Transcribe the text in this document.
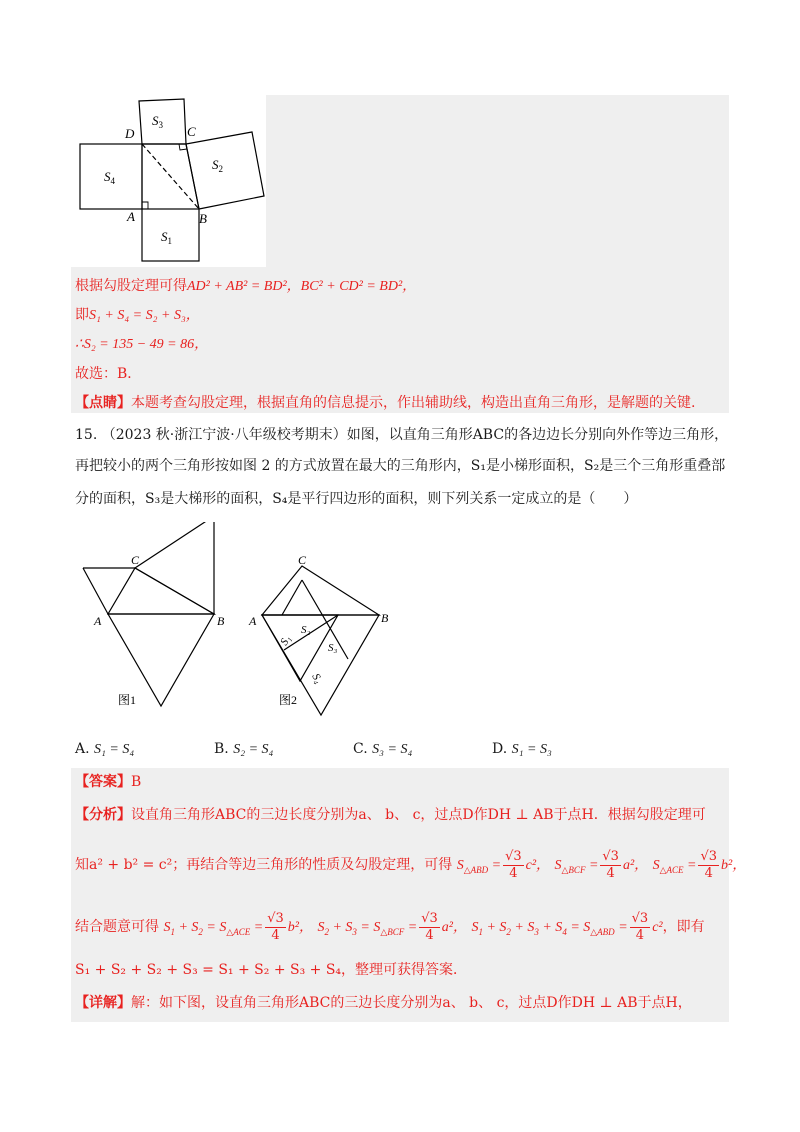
$S_3$
$S_4$
$S_2$
$S_1$
D	C
A	B
根据勾股定理可得AD² + AB² = BD²，BC² + CD² = BD²，
即S₁ + S₄ = S₂ + S₃，
∴S₂ = 135 − 49 = 86，
故选：B．
【点睛】本题考查勾股定理，根据直角的信息提示，作出辅助线，构造出直角三角形，是解题的关键.
15. （2023 秋·浙江宁波·八年级校考期末）如图，以直角三角形ABC的各边边长分别向外作等边三角形，
再把较小的两个三角形按如图 2 的方式放置在最大的三角形内，S₁是小梯形面积，S₂是三个三角形重叠部
分的面积，S₃是大梯形的面积，S₄是平行四边形的面积，则下列关系一定成立的是（　　）
C
A	B
C
A	B
S₁
S₂
S₃
S₄
图1	图2
A. S₁ = S₄	B. S₂ = S₄	C. S₃ = S₄	D. S₁ = S₃
【答案】B
【分析】设直角三角形ABC的三边长度分别为a、 b、 c，过点D作DH ⊥ AB于点H．根据勾股定理可
知a² + b² = c²；再结合等边三角形的性质及勾股定理，可得 $S_{\triangle ABD} = \frac{√3}{4} c^2$， $S_{\triangle BCF} = \frac{√3}{4} a^2$， $S_{\triangle ACE} = \frac{√3}{4} b^2$，
结合题意可得 $S_1 + S_2 = S_{\triangle ACE} = \frac{√3}{4} b^2$， $S_2 + S_3 = S_{\triangle BCF} = \frac{√3}{4} a^2$， $S_1 + S_2 + S_3 + S_4 = S_{\triangle ABD} = \frac{√3}{4} c^2$，即有
S₁ + S₂ + S₂ + S₃ = S₁ + S₂ + S₃ + S₄，整理可获得答案．
【详解】解：如下图，设直角三角形ABC的三边长度分别为a、 b、 c，过点D作DH ⊥ AB于点H，
